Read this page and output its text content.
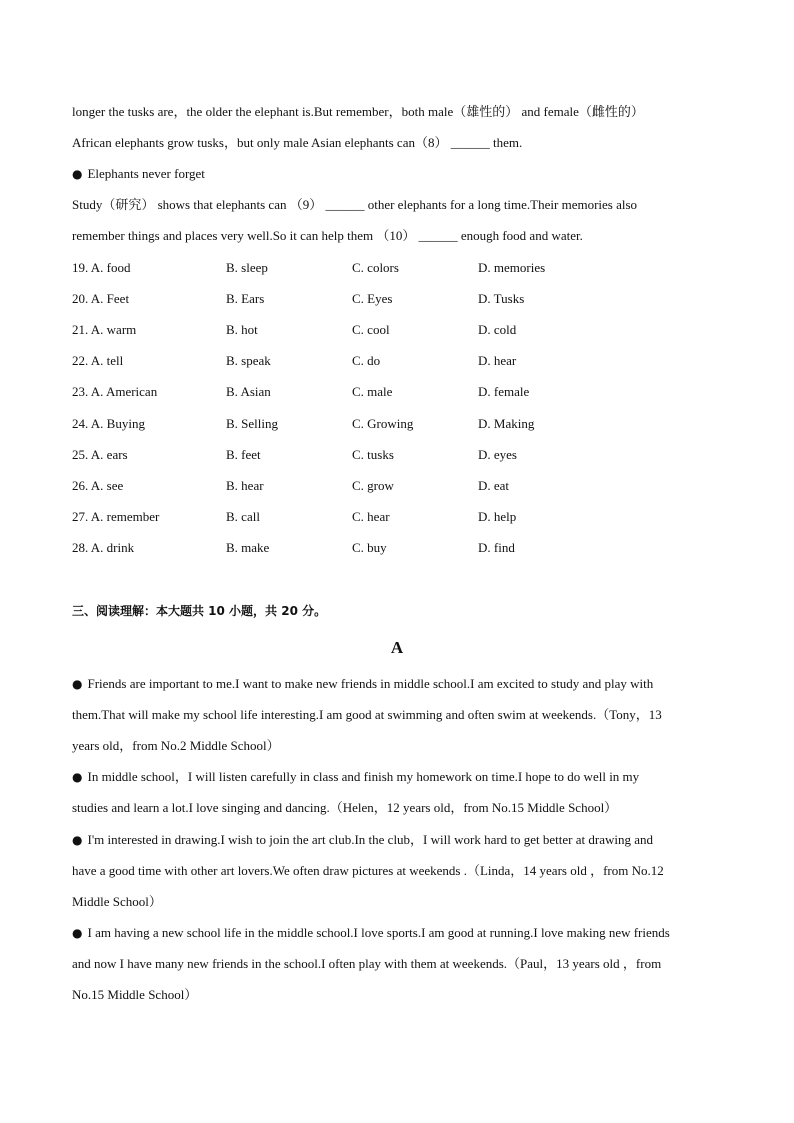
longer the tusks are，the older the elephant is.But remember，both male（雄性的） and female（雌性的）
African elephants grow tusks，but only male Asian elephants can（8） ______ them.
● Elephants never forget
Study（研究） shows that elephants can （9） ______ other elephants for a long time.Their memories also
remember things and places very well.So it can help them （10） ______ enough food and water.
19. A. food	B. sleep	C. colors	D. memories
20. A. Feet	B. Ears	C. Eyes	D. Tusks
21. A. warm	B. hot	C. cool	D. cold
22. A. tell	B. speak	C. do	D. hear
23. A. American	B. Asian	C. male	D. female
24. A. Buying	B. Selling	C. Growing	D. Making
25. A. ears	B. feet	C. tusks	D. eyes
26. A. see	B. hear	C. grow	D. eat
27. A. remember	B. call	C. hear	D. help
28. A. drink	B. make	C. buy	D. find
三、阅读理解：本大题共 10 小题，共 20 分。
A
● Friends are important to me.I want to make new friends in middle school.I am excited to study and play with
them.That will make my school life interesting.I am good at swimming and often swim at weekends.（Tony，13
years old，from No.2 Middle School）
● In middle school，I will listen carefully in class and finish my homework on time.I hope to do well in my
studies and learn a lot.I love singing and dancing.（Helen，12 years old，from No.15 Middle School）
● I'm interested in drawing.I wish to join the art club.In the club，I will work hard to get better at drawing and
have a good time with other art lovers.We often draw pictures at weekends .（Linda，14 years old ，from No.12
Middle School）
● I am having a new school life in the middle school.I love sports.I am good at running.I love making new friends
and now I have many new friends in the school.I often play with them at weekends.（Paul，13 years old ，from
No.15 Middle School）
